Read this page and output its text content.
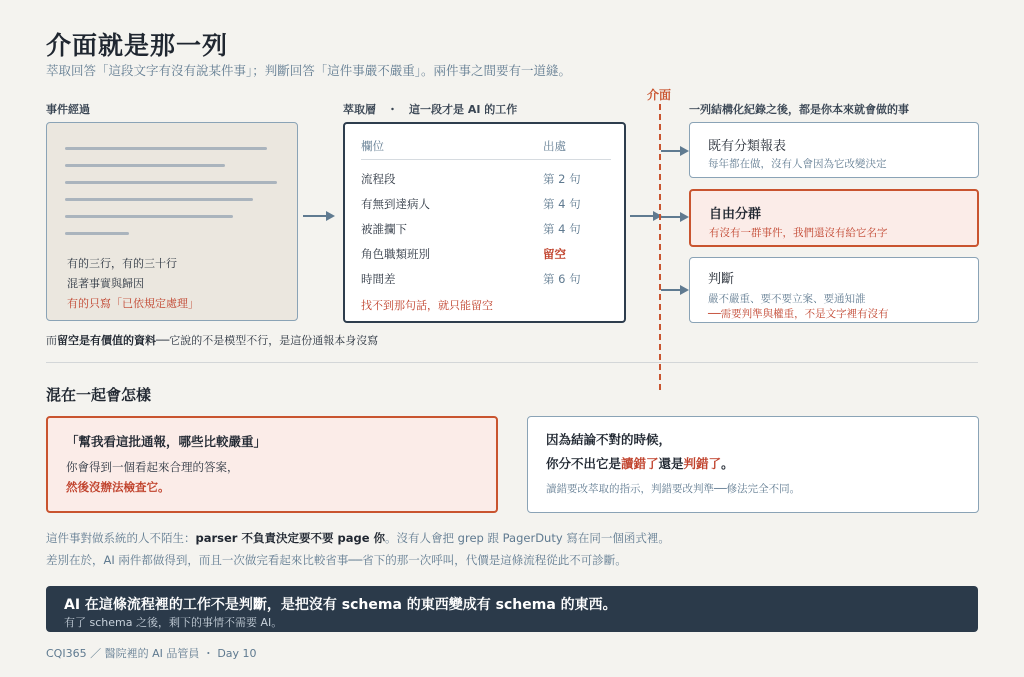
介面就是那一列
萃取回答「這段文字有沒有說某件事」；判斷回答「這件事嚴不嚴重」。兩件事之間要有一道縫。
事件經過	萃取層　・　這一段才是 AI 的工作	一列結構化紀錄之後，都是你本來就會做的事
有的三行，有的三十行
混著事實與歸因
有的只寫「已依規定處理」
欄位	出處
流程段	第 2 句
有無到達病人	第 4 句
被誰攔下	第 4 句
角色職類班別	留空
時間差	第 6 句
找不到那句話，就只能留空
介面
既有分類報表
每年都在做，沒有人會因為它改變決定
自由分群
有沒有一群事件，我們還沒有給它名字
判斷
嚴不嚴重、要不要立案、要通知誰
──需要判準與權重，不是文字裡有沒有
而留空是有價值的資料──它說的不是模型不行，是這份通報本身沒寫
混在一起會怎樣
「幫我看這批通報，哪些比較嚴重」
你會得到一個看起來合理的答案，
然後沒辦法檢查它。
因為結論不對的時候，
你分不出它是讀錯了還是判錯了。
讀錯要改萃取的指示，判錯要改判準──修法完全不同。
這件事對做系統的人不陌生：parser 不負責決定要不要 page 你。沒有人會把 grep 跟 PagerDuty 寫在同一個函式裡。
差別在於，AI 兩件都做得到，而且一次做完看起來比較省事──省下的那一次呼叫，代價是這條流程從此不可診斷。
AI 在這條流程裡的工作不是判斷，是把沒有 schema 的東西變成有 schema 的東西。
有了 schema 之後，剩下的事情不需要 AI。
CQI365 ／ 醫院裡的 AI 品管員 ・ Day 10
